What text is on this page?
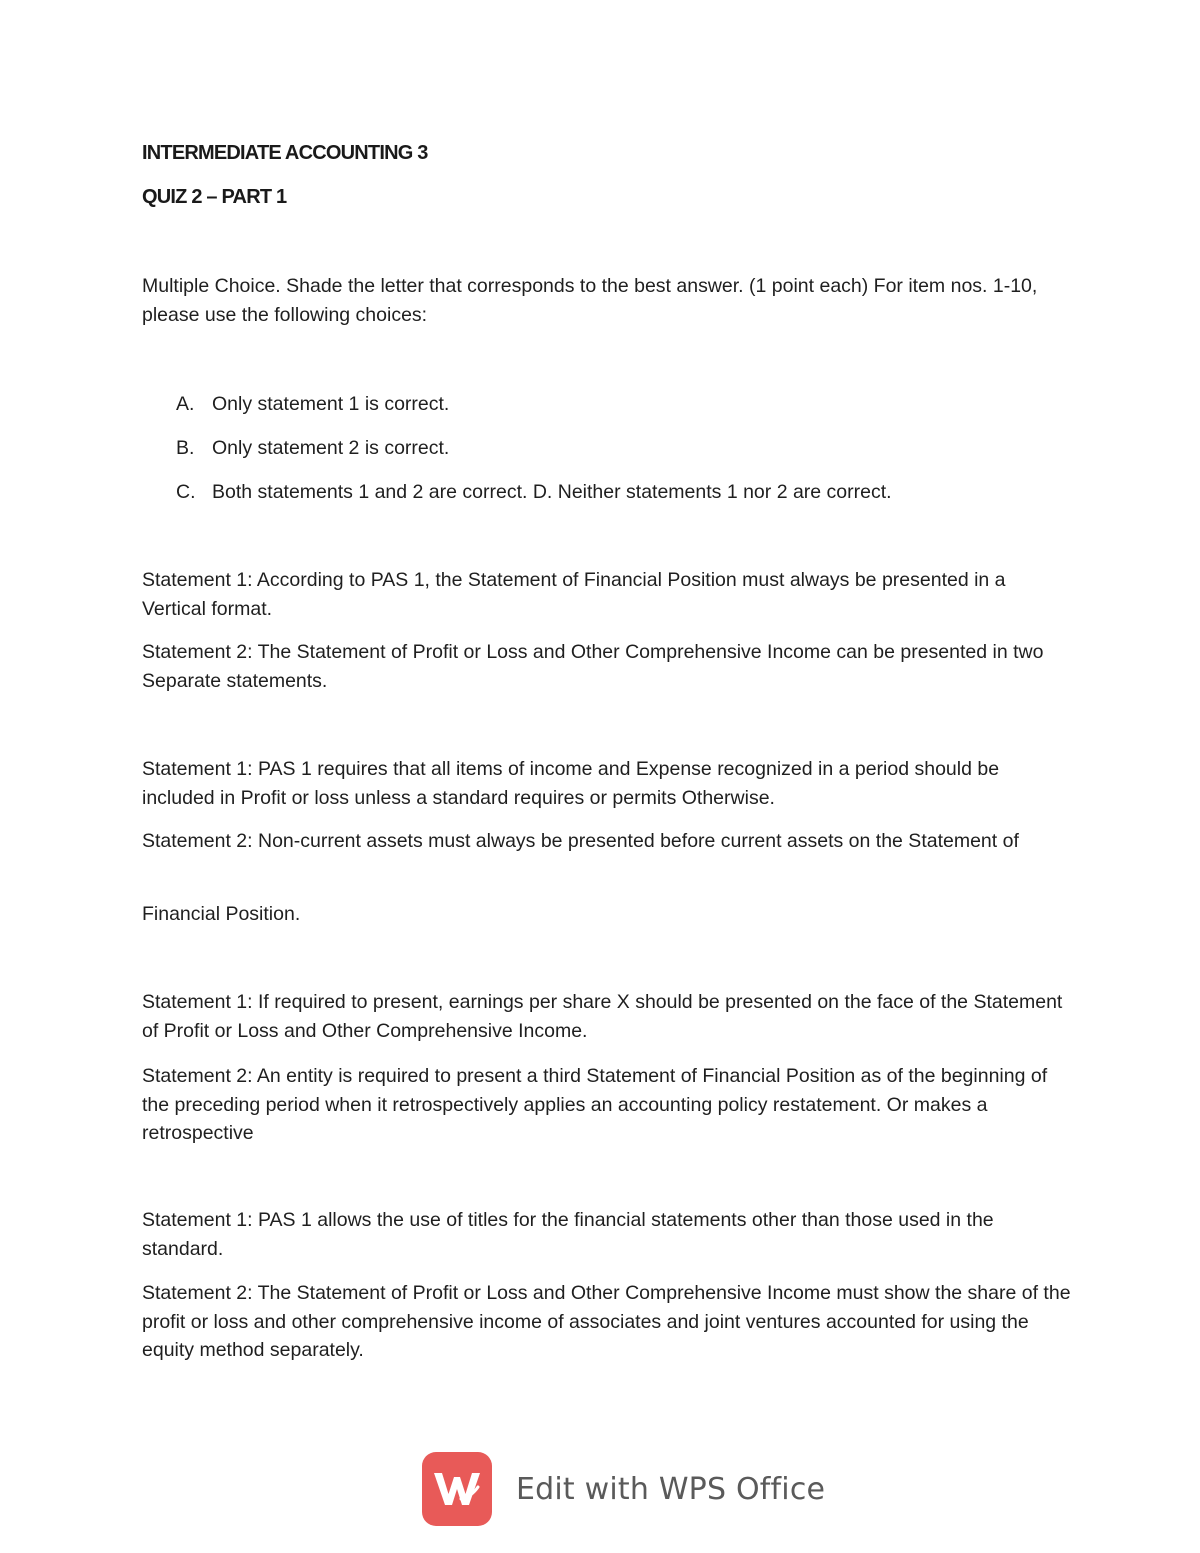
INTERMEDIATE ACCOUNTING 3
QUIZ 2 – PART 1

Multiple Choice. Shade the letter that corresponds to the best answer. (1 point each) For item nos. 1-10, please use the following choices:

A. Only statement 1 is correct.
B. Only statement 2 is correct.
C. Both statements 1 and 2 are correct. D. Neither statements 1 nor 2 are correct.

Statement 1: According to PAS 1, the Statement of Financial Position must always be presented in a Vertical format.

Statement 2: The Statement of Profit or Loss and Other Comprehensive Income can be presented in two Separate statements.

Statement 1: PAS 1 requires that all items of income and Expense recognized in a period should be included in Profit or loss unless a standard requires or permits Otherwise.

Statement 2: Non-current assets must always be presented before current assets on the Statement of

Financial Position.

Statement 1: If required to present, earnings per share X should be presented on the face of the Statement of Profit or Loss and Other Comprehensive Income.

Statement 2: An entity is required to present a third Statement of Financial Position as of the beginning of the preceding period when it retrospectively applies an accounting policy restatement. Or makes a retrospective

Statement 1: PAS 1 allows the use of titles for the financial statements other than those used in the standard.

Statement 2: The Statement of Profit or Loss and Other Comprehensive Income must show the share of the profit or loss and other comprehensive income of associates and joint ventures accounted for using the equity method separately.

Edit with WPS Office
